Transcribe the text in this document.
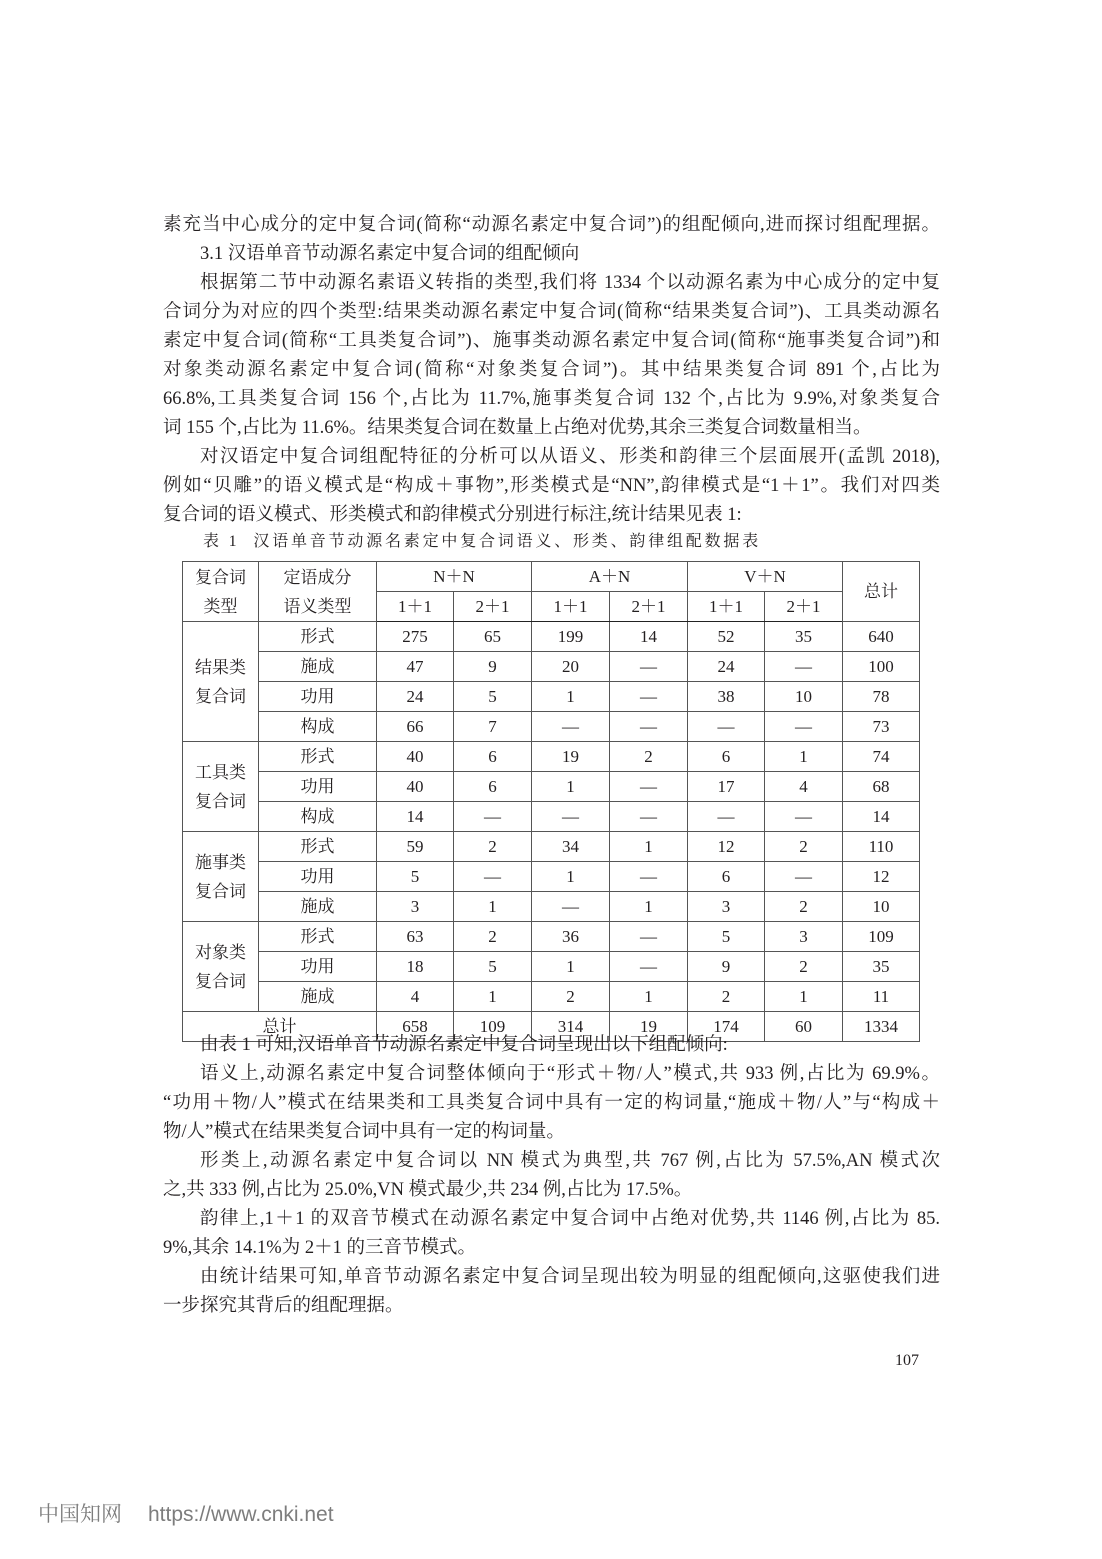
素充当中心成分的定中复合词(简称“动源名素定中复合词”)的组配倾向,进而探讨组配理据。
3.1 汉语单音节动源名素定中复合词的组配倾向
根据第二节中动源名素语义转指的类型,我们将 1334 个以动源名素为中心成分的定中复
合词分为对应的四个类型:结果类动源名素定中复合词(简称“结果类复合词”)、工具类动源名
素定中复合词(简称“工具类复合词”)、施事类动源名素定中复合词(简称“施事类复合词”)和
对象类动源名素定中复合词(简称“对象类复合词”)。其中结果类复合词 891 个,占比为
66.8%,工具类复合词 156 个,占比为 11.7%,施事类复合词 132 个,占比为 9.9%,对象类复合
词 155 个,占比为 11.6%。结果类复合词在数量上占绝对优势,其余三类复合词数量相当。
对汉语定中复合词组配特征的分析可以从语义、形类和韵律三个层面展开(孟凯 2018),
例如“贝雕”的语义模式是“构成＋事物”,形类模式是“NN”,韵律模式是“1＋1”。我们对四类
复合词的语义模式、形类模式和韵律模式分别进行标注,统计结果见表 1:
表 1 汉语单音节动源名素定中复合词语义、形类、韵律组配数据表
复合词
类型	定语成分
语义类型	N＋N		A＋N		V＋N		总计
		1＋1	2＋1	1＋1	2＋1	1＋1	2＋1	

结果类
复合词	形式	275	65	199	14	52	35	640
	施成	47	9	20	—	24	—	100
	功用	24	5	1	—	38	10	78
	构成	66	7	—	—	—	—	73

工具类
复合词	形式	40	6	19	2	6	1	74
	功用	40	6	1	—	17	4	68
	构成	14	—	—	—	—	—	14

施事类
复合词	形式	59	2	34	1	12	2	110
	功用	5	—	1	—	6	—	12
	施成	3	1	—	1	3	2	10

对象类
复合词	形式	63	2	36	—	5	3	109
	功用	18	5	1	—	9	2	35
	施成	4	1	2	1	2	1	11
总计		658	109	314	19	174	60	1334
由表 1 可知,汉语单音节动源名素定中复合词呈现出以下组配倾向:
语义上,动源名素定中复合词整体倾向于“形式＋物/人”模式,共 933 例,占比为 69.9%。
“功用＋物/人”模式在结果类和工具类复合词中具有一定的构词量,“施成＋物/人”与“构成＋
物/人”模式在结果类复合词中具有一定的构词量。
形类上,动源名素定中复合词以 NN 模式为典型,共 767 例,占比为 57.5%,AN 模式次
之,共 333 例,占比为 25.0%,VN 模式最少,共 234 例,占比为 17.5%。
韵律上,1＋1 的双音节模式在动源名素定中复合词中占绝对优势,共 1146 例,占比为 85.
9%,其余 14.1%为 2＋1 的三音节模式。
由统计结果可知,单音节动源名素定中复合词呈现出较为明显的组配倾向,这驱使我们进
一步探究其背后的组配理据。
107
中国知网 https://www.cnki.net
